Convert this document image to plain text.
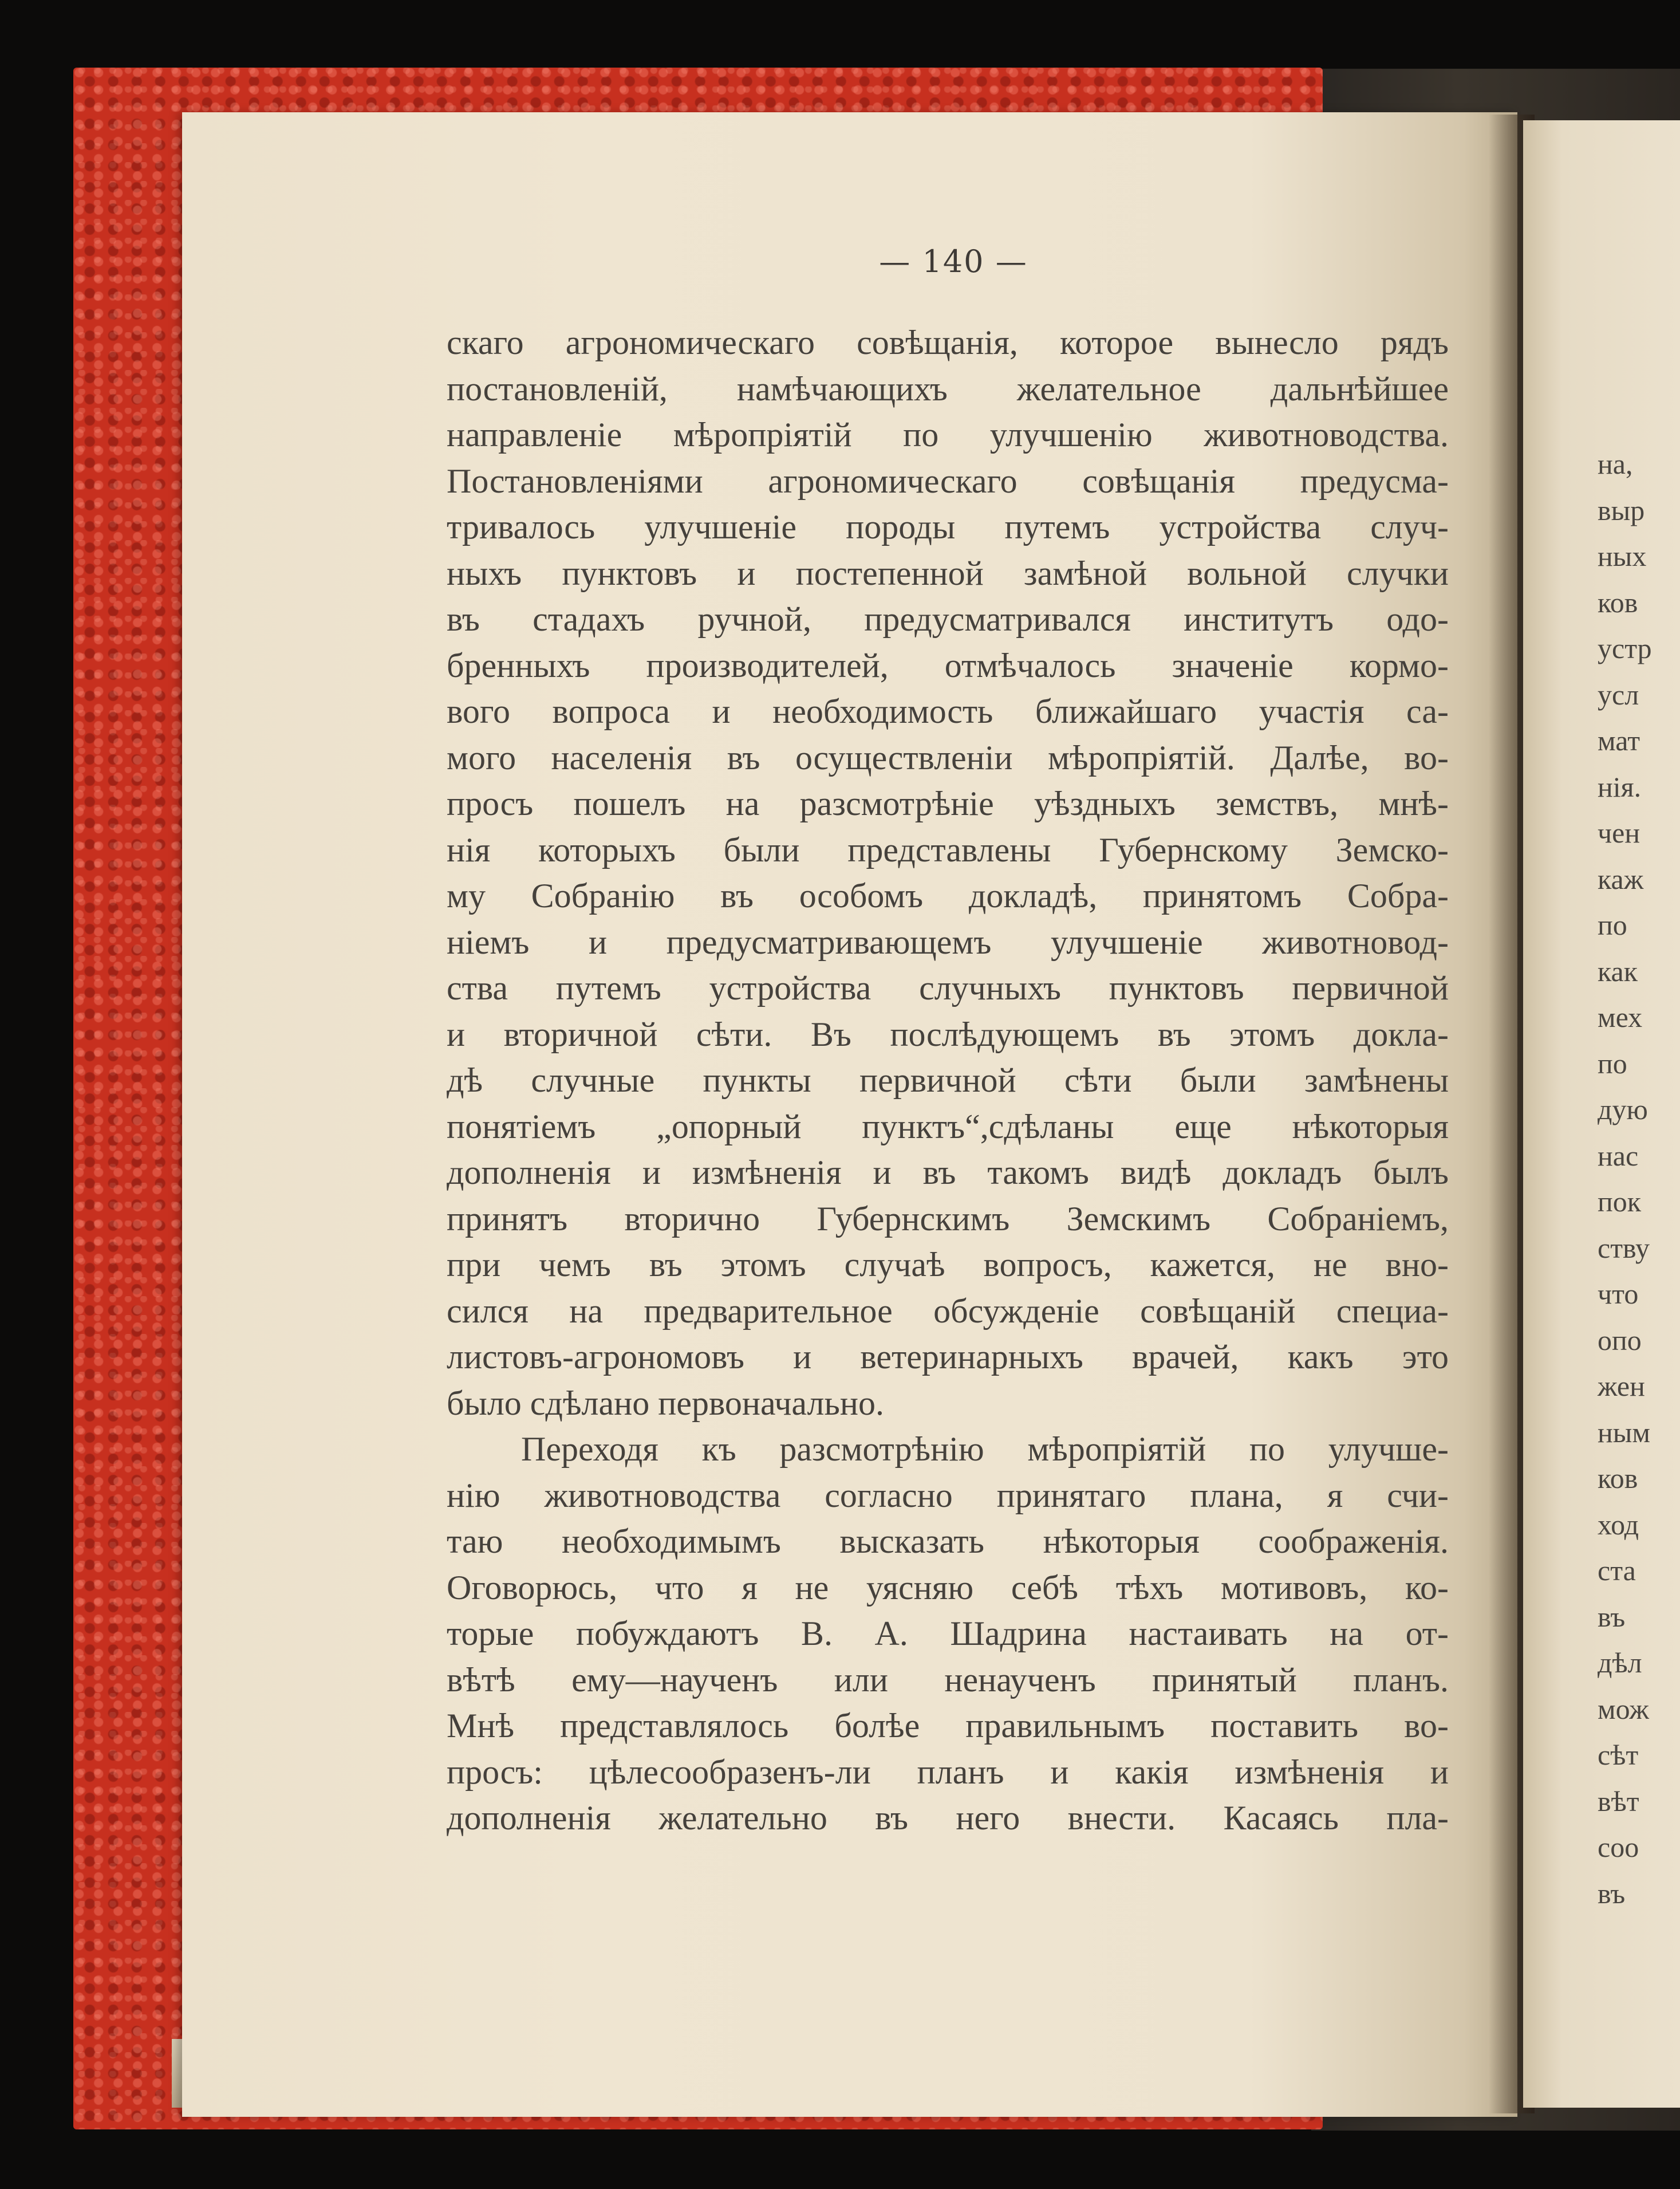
на,
выр
ных
ков
устр
усл
мат
нія.
чен
каж
по
как
мех
по
дую
нас
пок
ству
что
опо
жен
ным
ков
ход
ста
въ
дѣл
мож
сѣт
вѣт
соо
въ
— 140 —
скаго агрономическаго совѣщанія, которое вынесло рядъ
постановленій, намѣчающихъ желательное дальнѣйшее
направленіе мѣропріятій по улучшенію животноводства.
Постановленіями агрономическаго совѣщанія предусма-
тривалось улучшеніе породы путемъ устройства случ-
ныхъ пунктовъ и постепенной замѣной вольной случки
въ стадахъ ручной, предусматривался институтъ одо-
бренныхъ производителей, отмѣчалось значеніе кормо-
вого вопроса и необходимость ближайшаго участія са-
мого населенія въ осуществленіи мѣропріятій. Далѣе, во-
просъ пошелъ на разсмотрѣніе уѣздныхъ земствъ, мнѣ-
нія которыхъ были представлены Губернскому Земско-
му Собранію въ особомъ докладѣ, принятомъ Собра-
ніемъ и предусматривающемъ улучшеніе животновод-
ства путемъ устройства случныхъ пунктовъ первичной
и вторичной сѣти. Въ послѣдующемъ въ этомъ доклa-
дѣ случные пункты первичной сѣти были замѣнены
понятіемъ „опорный пунктъ“,сдѣланы еще нѣкоторыя
дополненія и измѣненія и въ такомъ видѣ докладъ былъ
принятъ вторично Губернскимъ Земскимъ Собраніемъ,
при чемъ въ этомъ случаѣ вопросъ, кажется, не вно-
сился на предварительное обсужденіе совѣщаній специа-
листовъ-агрономовъ и ветеринарныхъ врачей, какъ это
было сдѣлано первоначально.
Переходя къ разсмотрѣнію мѣропріятій по улучше-
нію животноводства согласно принятаго плана, я счи-
таю необходимымъ высказать нѣкоторыя соображенія.
Оговорюсь, что я не уясняю себѣ тѣхъ мотивовъ, ко-
торые побуждаютъ В. А. Шадрина настаивать на от-
вѣтѣ ему—наученъ или ненаученъ принятый планъ.
Мнѣ представлялось болѣе правильнымъ поставить во-
просъ: цѣлесообразенъ-ли планъ и какія измѣненія и
дополненія желательно въ него внести. Касаясь пла-
